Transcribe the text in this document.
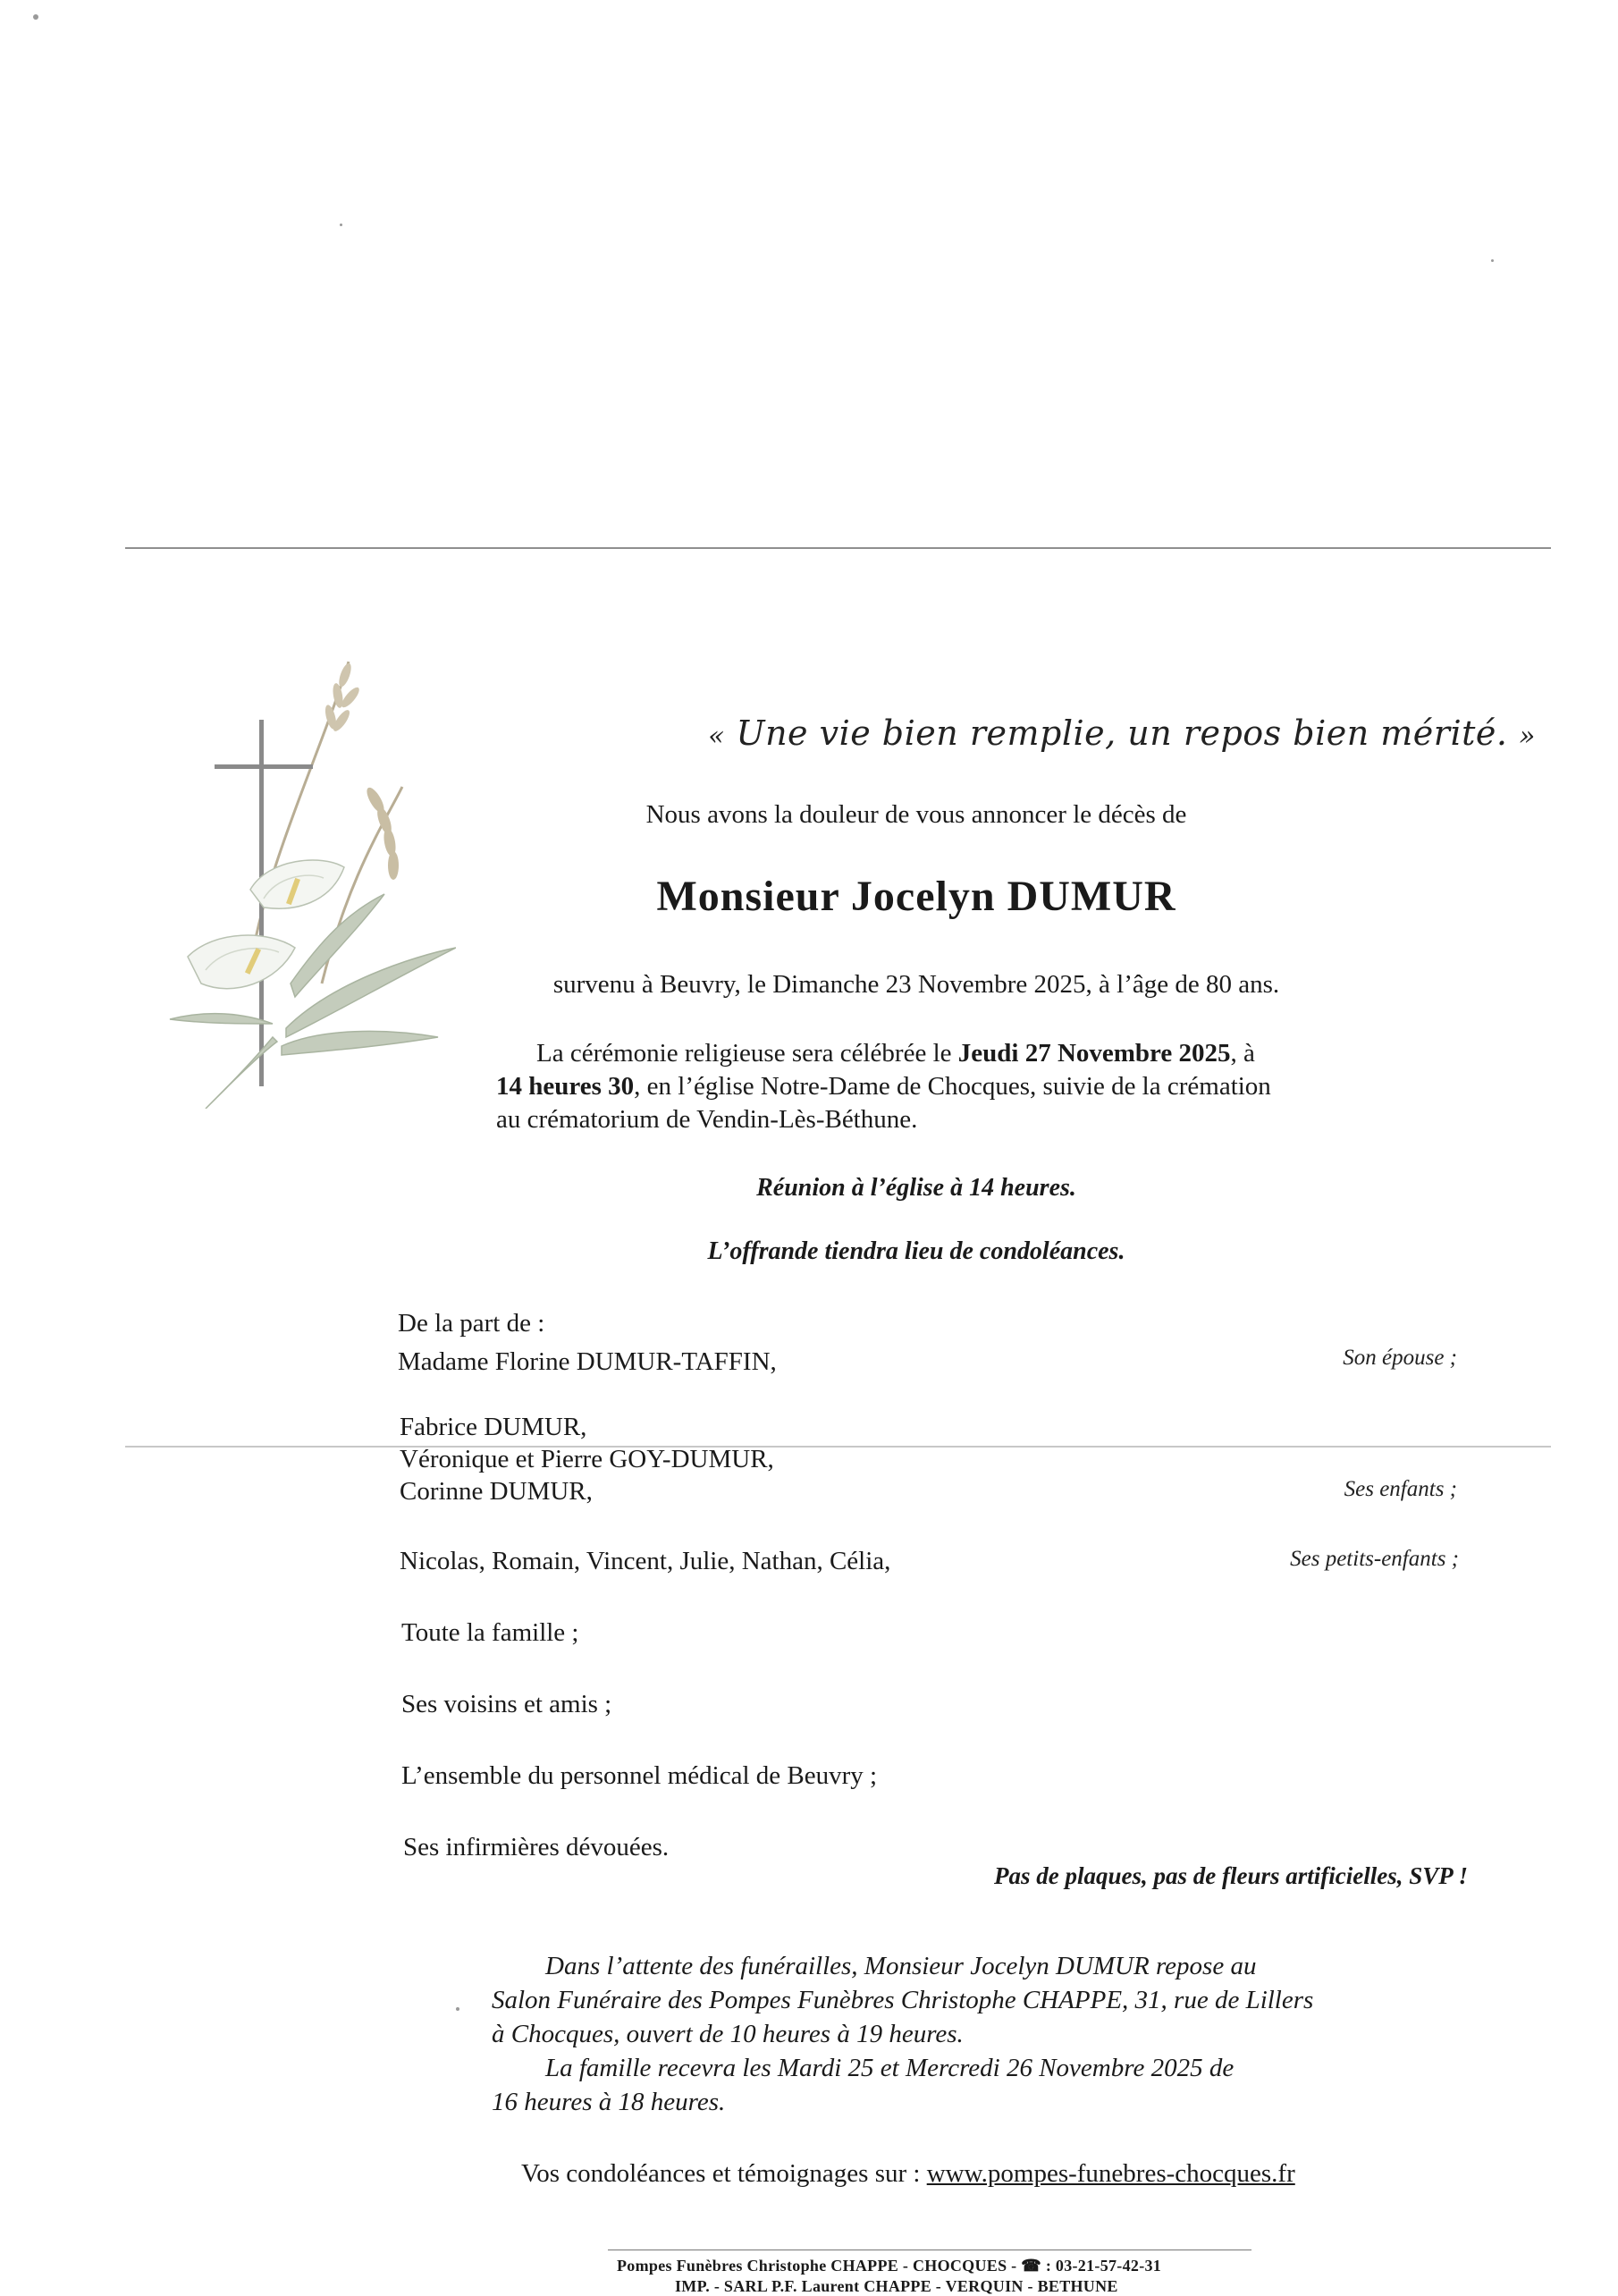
« Une vie bien remplie, un repos bien mérité. »

Nous avons la douleur de vous annoncer le décès de

Monsieur Jocelyn DUMUR

survenu à Beuvry, le Dimanche 23 Novembre 2025, à l’âge de 80 ans.

La cérémonie religieuse sera célébrée le Jeudi 27 Novembre 2025, à
14 heures 30, en l’église Notre-Dame de Chocques, suivie de la crémation
au crématorium de Vendin-Lès-Béthune.

Réunion à l’église à 14 heures.

L’offrande tiendra lieu de condoléances.

De la part de :

Madame Florine DUMUR-TAFFIN,	Son épouse ;

Fabrice DUMUR,

Véronique et Pierre GOY-DUMUR,

Corinne DUMUR,	Ses enfants ;

Nicolas, Romain, Vincent, Julie, Nathan, Célia,	Ses petits-enfants ;

Toute la famille ;

Ses voisins et amis ;

L’ensemble du personnel médical de Beuvry ;

Ses infirmières dévouées.

Pas de plaques, pas de fleurs artificielles, SVP !

Dans l’attente des funérailles, Monsieur Jocelyn DUMUR repose au
Salon Funéraire des Pompes Funèbres Christophe CHAPPE, 31, rue de Lillers
à Chocques, ouvert de 10 heures à 19 heures.
La famille recevra les Mardi 25 et Mercredi 26 Novembre 2025 de
16 heures à 18 heures.

Vos condoléances et témoignages sur : www.pompes-funebres-chocques.fr

Pompes Funèbres Christophe CHAPPE - CHOCQUES - ☎ : 03-21-57-42-31

IMP. - SARL P.F. Laurent CHAPPE - VERQUIN - BETHUNE
